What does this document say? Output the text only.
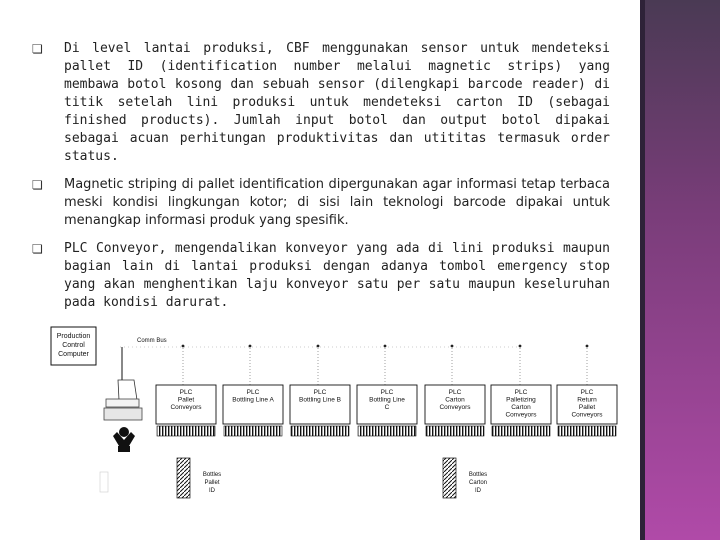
❏	Di level lantai produksi, CBF menggunakan sensor untuk mendeteksi pallet ID (identification number melalui magnetic strips) yang membawa botol kosong dan sebuah sensor (dilengkapi barcode reader) di titik setelah lini produksi untuk mendeteksi carton ID (sebagai finished products). Jumlah input botol dan output botol dipakai sebagai acuan perhitungan produktivitas dan utititas termasuk order status.
❏	Magnetic striping di pallet identification dipergunakan agar informasi tetap terbaca meski kondisi lingkungan kotor; di sisi lain teknologi barcode dipakai untuk menangkap informasi produk yang spesifik.
❏	PLC Conveyor, mengendalikan konveyor yang ada di lini produksi maupun bagian lain di lantai produksi dengan adanya tombol emergency stop yang akan menghentikan laju konveyor satu per satu maupun keseluruhan pada kondisi darurat.
Production
Control
Computer
Comm Bus
PLC
Pallet
Conveyors
PLC
Bottling Line A
PLC
Bottling Line B
PLC
Bottling Line
C
PLC
Carton
Conveyors
PLC
Palletizing
Carton
Conveyors
PLC
Return
Pallet
Conveyors
Bottles
Pallet
ID
Bottles
Carton
ID
